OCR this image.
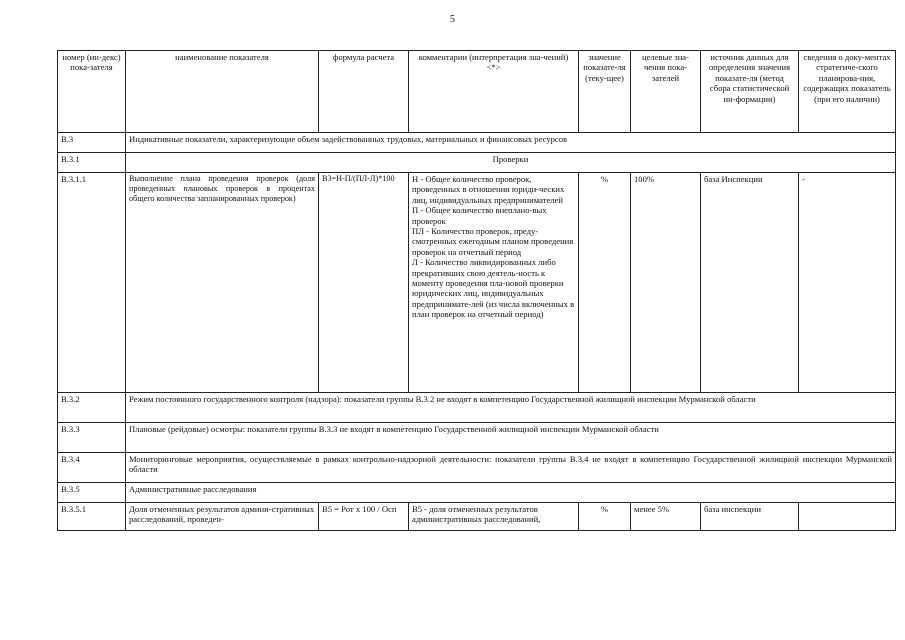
5
номер (ин-декс) пока-зателя	наименование показателя	формула расчета	комментарии (интерпретация зна-чений) <*>	значение показате-ля (теку-щее)	целевые зна-чения пока-зателей	источник данных для определения значения показате-ля (метод сбора статистической ин-формации)	сведения о доку-ментах стратегиче-ского планирова-ния, содержащих показатель (при его наличии)
В.3	Индикативные показатели, характеризующие объем задействованных трудовых, материальных и финансовых ресурсов						
В.3.1	Проверки						
В.3.1.1	Выполнение плана проведения проверок (доля проведенных плановых проверок в процентах общего количества запланированных проверок)	В3=Н-П/(ПЛ-Л)*100	Н - Общее количество проверок, проведенных в отношении юриди-ческих лиц, индивидуальных предпринимателей
П - Общее количество внеплано-вых проверок
ПЛ - Количество проверок, преду-смотренных ежегодным планом проведения проверок на отчетный период
Л - Количество ликвидированных либо прекративших свою деятель-ность к моменту проведения пла-новой проверки юридических лиц, индивидуальных предпринимате-лей (из числа включенных в план проверок на отчетный период)	%	100%	база Инспекции	-
В.3.2	Режим постоянного государственного контроля (надзора): показатели группы В.3.2 не входят в компетенцию Государственной жилищной инспекции Мурманской области						
В.3.3	Плановые (рейдовые) осмотры: показатели группы В.3.3 не входят в компетенцию Государственной жилищной инспекции Мурманской области						
В.3.4	Мониторинговые мероприятия, осуществляемые в рамках контрольно-надзорной деятельности: показатели группы В.3.4 не входят в компетенцию Государственной жилищной инспекции Мурманской области						
В.3.5	Административные расследования						
В.3.5.1	Доля отмененных результатов админи-стративных расследований, проведен-	В5 = Рот х 100 / Осп	В5 - доля отмененных результатов административных расследований,	%	менее 5%	база инспекции	
